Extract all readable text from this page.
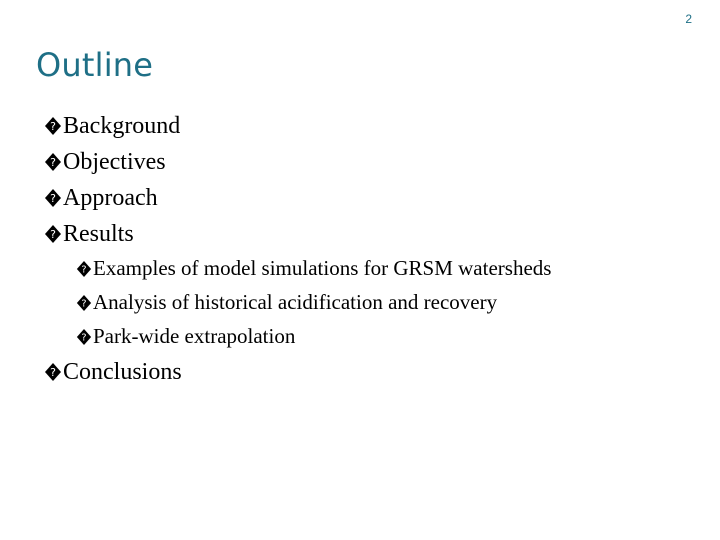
2
Outline
? Background
? Objectives
? Approach
? Results
? Examples of model simulations for GRSM watersheds
? Analysis of historical acidification and recovery
? Park-wide extrapolation
? Conclusions
